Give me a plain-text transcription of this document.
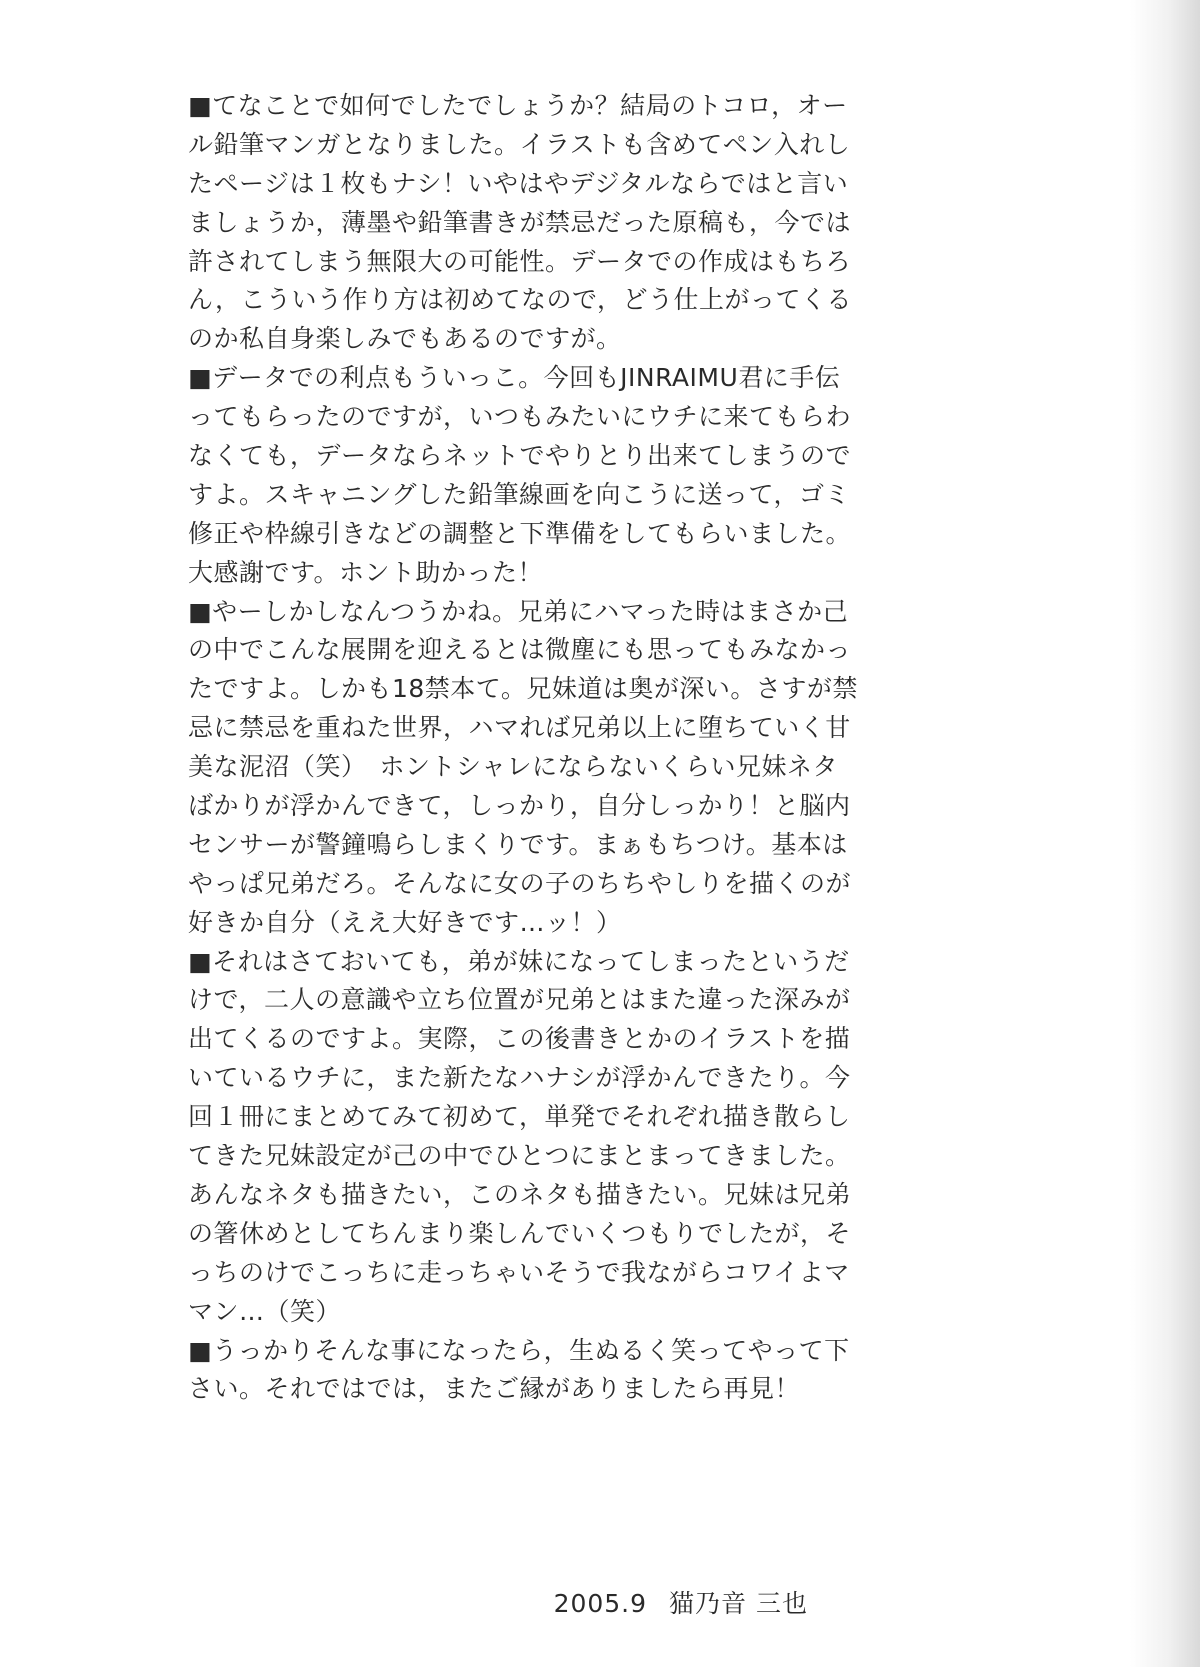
■てなことで如何でしたでしょうか？結局のトコロ，オー
ル鉛筆マンガとなりました。イラストも含めてペン入れし
たページは１枚もナシ！いやはやデジタルならではと言い
ましょうか，薄墨や鉛筆書きが禁忌だった原稿も，今では
許されてしまう無限大の可能性。データでの作成はもちろ
ん，こういう作り方は初めてなので，どう仕上がってくる
のか私自身楽しみでもあるのですが。
■データでの利点もういっこ。今回もJINRAIMU君に手伝
ってもらったのですが，いつもみたいにウチに来てもらわ
なくても，データならネットでやりとり出来てしまうので
すよ。スキャニングした鉛筆線画を向こうに送って，ゴミ
修正や枠線引きなどの調整と下準備をしてもらいました。
大感謝です。ホント助かった！
■やーしかしなんつうかね。兄弟にハマった時はまさか己
の中でこんな展開を迎えるとは微塵にも思ってもみなかっ
たですよ。しかも18禁本て。兄妹道は奥が深い。さすが禁
忌に禁忌を重ねた世界，ハマれば兄弟以上に堕ちていく甘
美な泥沼（笑）　ホントシャレにならないくらい兄妹ネタ
ばかりが浮かんできて，しっかり，自分しっかり！と脳内
センサーが警鐘鳴らしまくりです。まぁもちつけ。基本は
やっぱ兄弟だろ。そんなに女の子のちちやしりを描くのが
好きか自分（ええ大好きです…ッ！）
■それはさておいても，弟が妹になってしまったというだ
けで，二人の意識や立ち位置が兄弟とはまた違った深みが
出てくるのですよ。実際，この後書きとかのイラストを描
いているウチに，また新たなハナシが浮かんできたり。今
回１冊にまとめてみて初めて，単発でそれぞれ描き散らし
てきた兄妹設定が己の中でひとつにまとまってきました。
あんなネタも描きたい，このネタも描きたい。兄妹は兄弟
の箸休めとしてちんまり楽しんでいくつもりでしたが，そ
っちのけでこっちに走っちゃいそうで我ながらコワイよマ
マン…（笑）
■うっかりそんな事になったら，生ぬるく笑ってやって下
さい。それではでは，またご縁がありましたら再見！
2005.9 猫乃音 三也
